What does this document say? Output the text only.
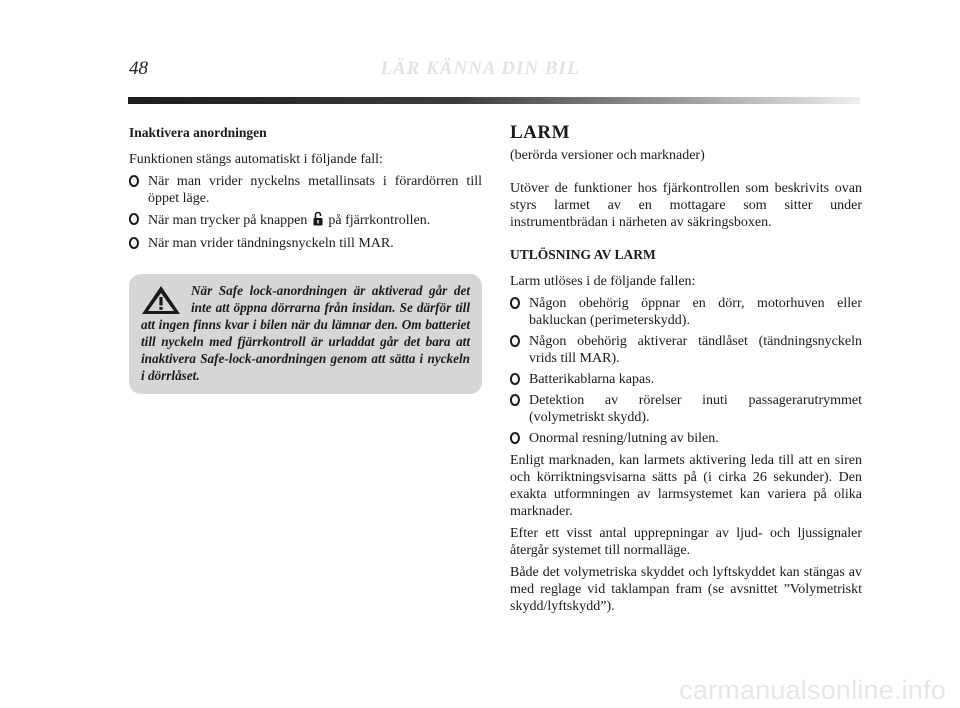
48	LÄR KÄNNA DIN BIL
Inaktivera anordningen

Funktionen stängs automatiskt i följande fall:

När man vrider nyckelns metallinsats i förardörren till öppet läge.
När man trycker på knappen på fjärrkontrollen.
När man vrider tändningsnyckeln till MAR.
När Safe lock-anordningen är aktiverad går det inte att öppna dörrarna från insidan. Se därför till att ingen finns kvar i bilen när du lämnar den. Om batteriet till nyckeln med fjärrkontroll är urladdat går det bara att inaktivera Safe-lock-anordningen genom att sätta i nyckeln i dörrlåset.
LARM

(berörda versioner och marknader)

Utöver de funktioner hos fjärkontrollen som beskrivits ovan styrs larmet av en mottagare som sitter under instrumentbrädan i närheten av säkringsboxen.

UTLÖSNING AV LARM

Larm utlöses i de följande fallen:

Någon obehörig öppnar en dörr, motorhuven eller bakluckan (perimeterskydd).
Någon obehörig aktiverar tändlåset (tändningsnyckeln vrids till MAR).
Batterikablarna kapas.
Detektion av rörelser inuti passagerarutrymmet (volymetriskt skydd).
Onormal resning/lutning av bilen.

Enligt marknaden, kan larmets aktivering leda till att en siren och körriktningsvisarna sätts på (i cirka 26 sekunder). Den exakta utformningen av larmsystemet kan variera på olika marknader.

Efter ett visst antal upprepningar av ljud- och ljussignaler återgår systemet till normalläge.

Både det volymetriska skyddet och lyftskyddet kan stängas av med reglage vid taklampan fram (se avsnittet ”Volymetriskt skydd/lyftskydd”).

carmanualsonline.info
